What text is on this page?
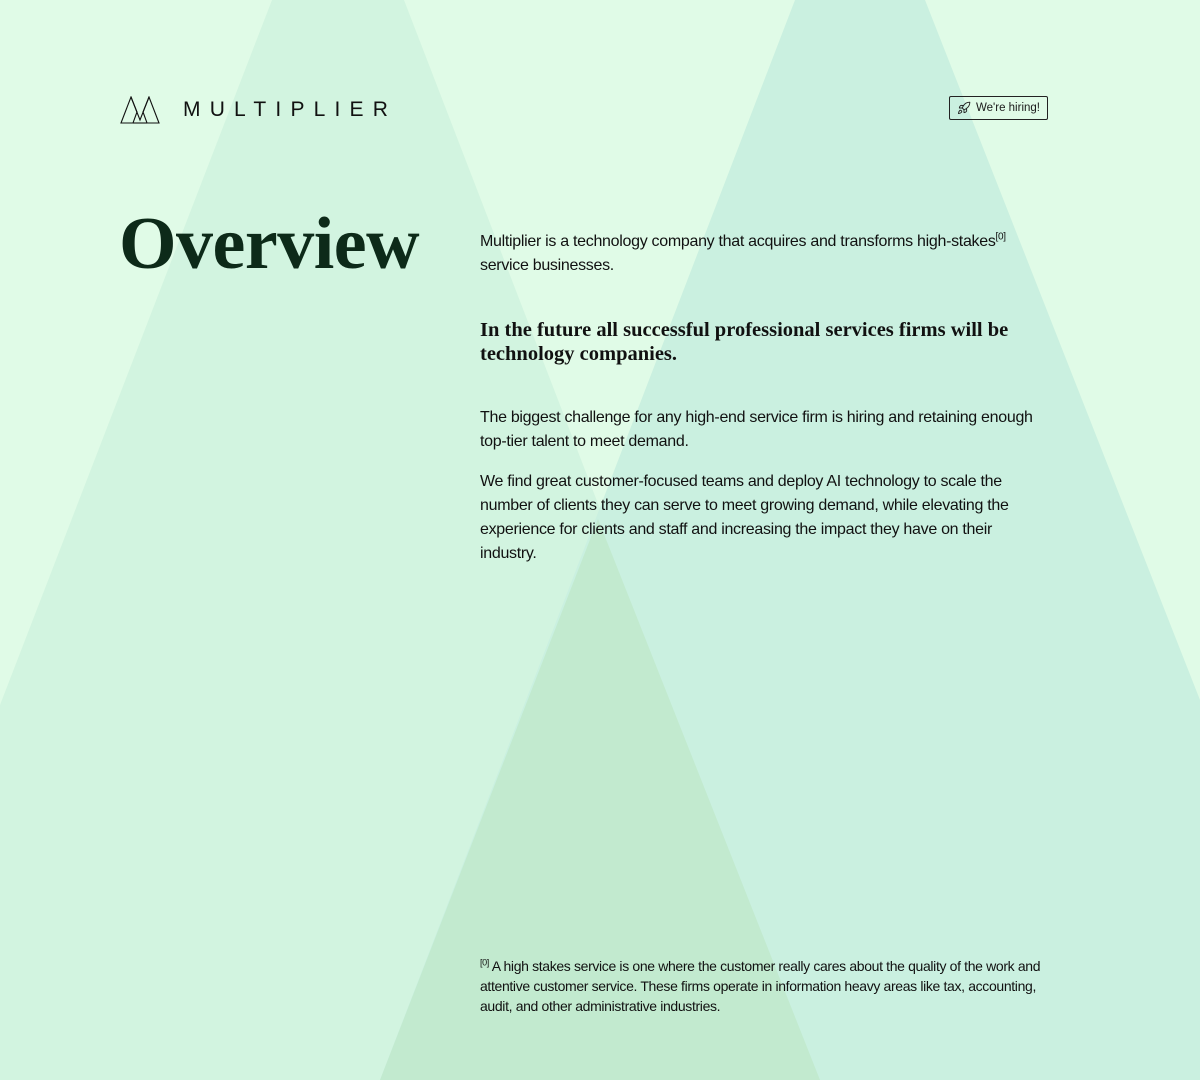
MULTIPLIER	We're hiring!
Overview	Multiplier is a technology company that acquires and transforms high-stakes[0] service businesses.

In the future all successful professional services firms will be technology companies.

The biggest challenge for any high-end service firm is hiring and retaining enough top-tier talent to meet demand.

We find great customer-focused teams and deploy AI technology to scale the number of clients they can serve to meet growing demand, while elevating the experience for clients and staff and increasing the impact they have on their industry.

[0] A high stakes service is one where the customer really cares about the quality of the work and attentive customer service. These firms operate in information heavy areas like tax, accounting, audit, and other administrative industries.
